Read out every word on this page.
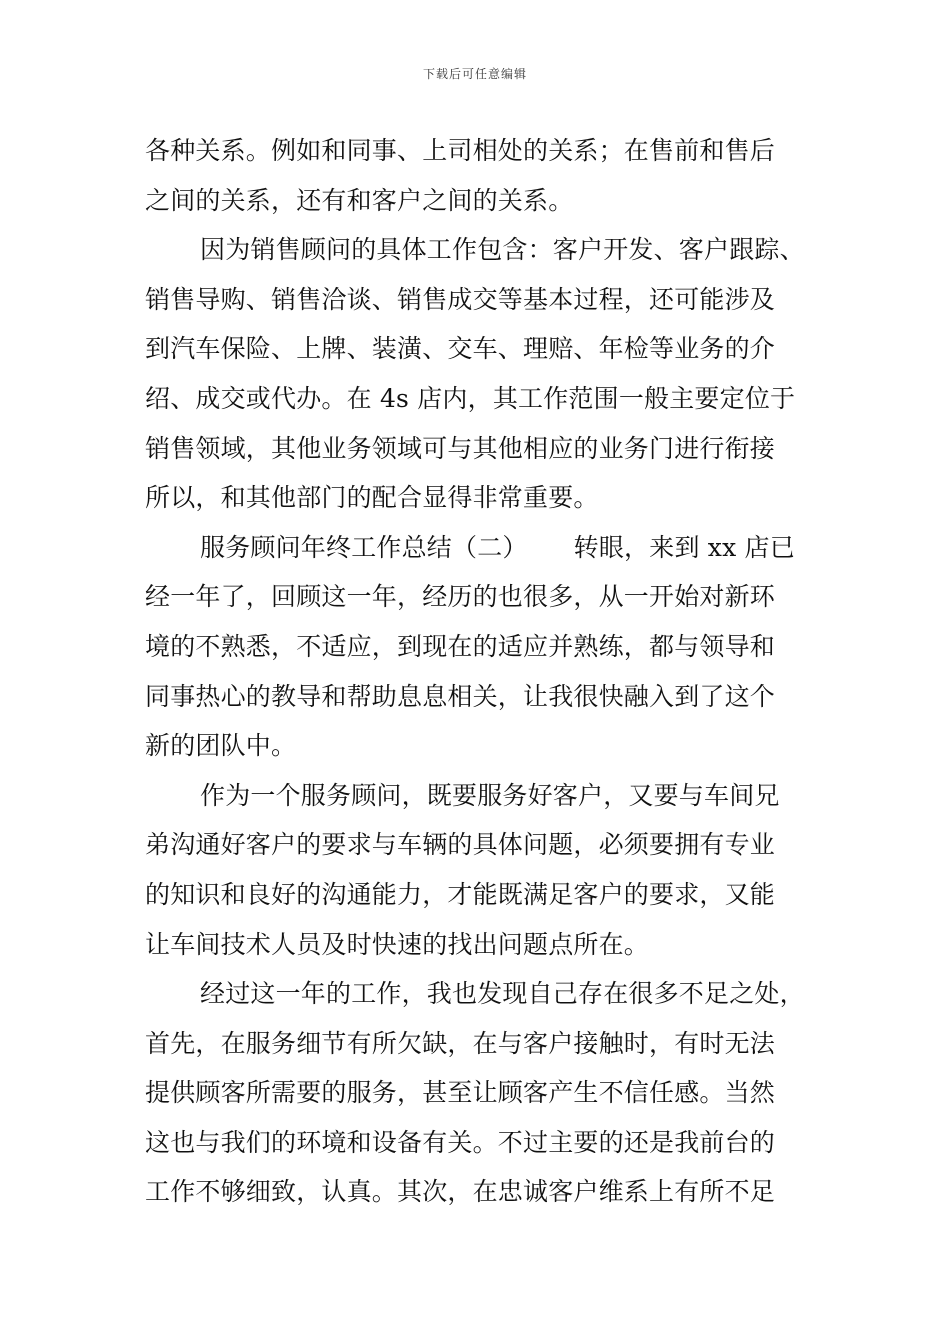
下载后可任意编辑
各种关系。例如和同事、上司相处的关系；在售前和售后
之间的关系，还有和客户之间的关系。
因为销售顾问的具体工作包含：客户开发、客户跟踪、
销售导购、销售洽谈、销售成交等基本过程，还可能涉及
到汽车保险、上牌、装潢、交车、理赔、年检等业务的介
绍、成交或代办。在 4s 店内，其工作范围一般主要定位于
销售领域，其他业务领域可与其他相应的业务门进行衔接
所以，和其他部门的配合显得非常重要。
服务顾问年终工作总结（二）　　 转眼，来到 xx 店已
经一年了，回顾这一年，经历的也很多，从一开始对新环
境的不熟悉，不适应，到现在的适应并熟练，都与领导和
同事热心的教导和帮助息息相关，让我很快融入到了这个
新的团队中。
作为一个服务顾问，既要服务好客户，又要与车间兄
弟沟通好客户的要求与车辆的具体问题，必须要拥有专业
的知识和良好的沟通能力，才能既满足客户的要求，又能
让车间技术人员及时快速的找出问题点所在。
经过这一年的工作，我也发现自己存在很多不足之处，
首先，在服务细节有所欠缺，在与客户接触时，有时无法
提供顾客所需要的服务，甚至让顾客产生不信任感。当然
这也与我们的环境和设备有关。不过主要的还是我前台的
工作不够细致，认真。其次，在忠诚客户维系上有所不足
